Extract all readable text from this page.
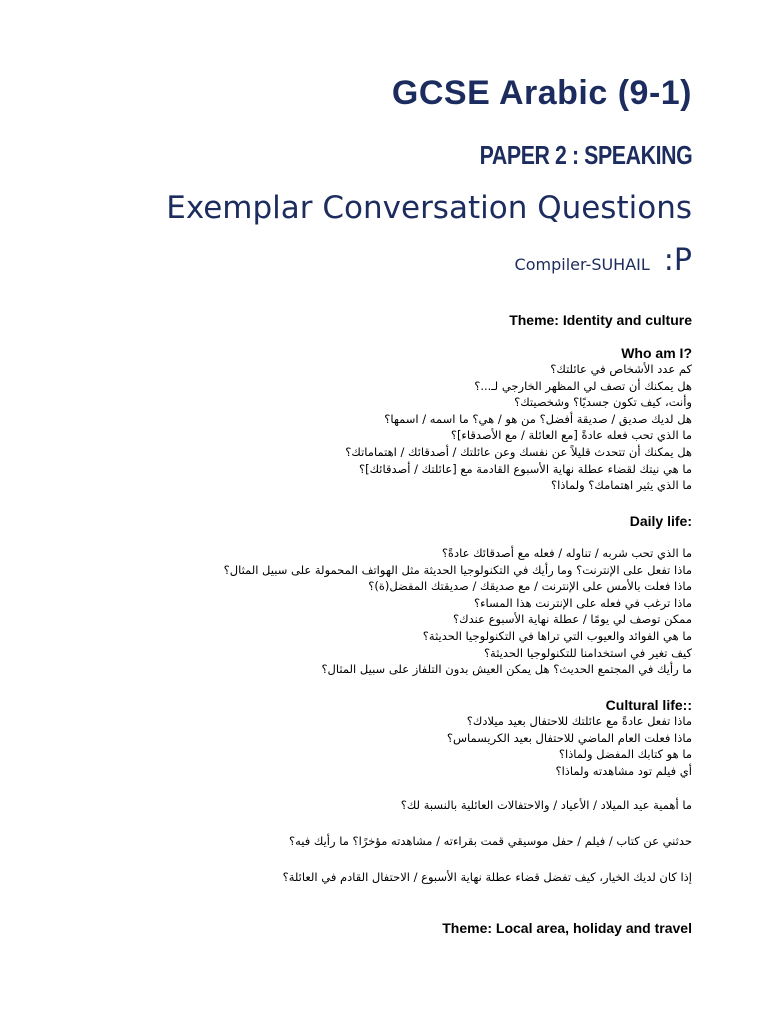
GCSE Arabic (9-1)
PAPER 2 : SPEAKING
Exemplar Conversation Questions
Compiler-SUHAIL :P
Theme: Identity and culture
Who am I?
كم عدد الأشخاص في عائلتك؟
هل يمكنك أن تصف لي المظهر الخارجي لـ...؟
وأنت، كيف تكون جسديًا؟ وشخصيتك؟
هل لديك صديق / صديقة أفضل؟ من هو / هي؟ ما اسمه / اسمها؟
ما الذي تحب فعله عادةً [مع العائلة / مع الأصدقاء]؟
هل يمكنك أن تتحدث قليلاً عن نفسك وعن عائلتك / أصدقائك / اهتماماتك؟
ما هي نيتك لقضاء عطلة نهاية الأسبوع القادمة مع [عائلتك / أصدقائك]؟
ما الذي يثير اهتمامك؟ ولماذا؟
Daily life:
ما الذي تحب شربه / تناوله / فعله مع أصدقائك عادةً؟
ماذا تفعل على الإنترنت؟ وما رأيك في التكنولوجيا الحديثة مثل الهواتف المحمولة على سبيل المثال؟
ماذا فعلت بالأمس على الإنترنت / مع صديقك / صديقتك المفضل(ة)؟
ماذا ترغب في فعله على الإنترنت هذا المساء؟
ممكن توصف لي يومًا / عطلة نهاية الأسبوع عندك؟
ما هي الفوائد والعيوب التي تراها في التكنولوجيا الحديثة؟
كيف تغير في استخدامنا للتكنولوجيا الحديثة؟
ما رأيك في المجتمع الحديث؟ هل يمكن العيش بدون التلفاز على سبيل المثال؟
Cultural life::
ماذا تفعل عادةً مع عائلتك للاحتفال بعيد ميلادك؟
ماذا فعلت العام الماضي للاحتفال بعيد الكريسماس؟
ما هو كتابك المفضل ولماذا؟
أي فيلم تود مشاهدته ولماذا؟
ما أهمية عيد الميلاد / الأعياد / والاحتفالات العائلية بالنسبة لك؟
حدثني عن كتاب / فيلم / حفل موسيقي قمت بقراءته / مشاهدته مؤخرًا؟ ما رأيك فيه؟
إذا كان لديك الخيار، كيف تفضل قضاء عطلة نهاية الأسبوع / الاحتفال القادم في العائلة؟
Theme: Local area, holiday and travel
